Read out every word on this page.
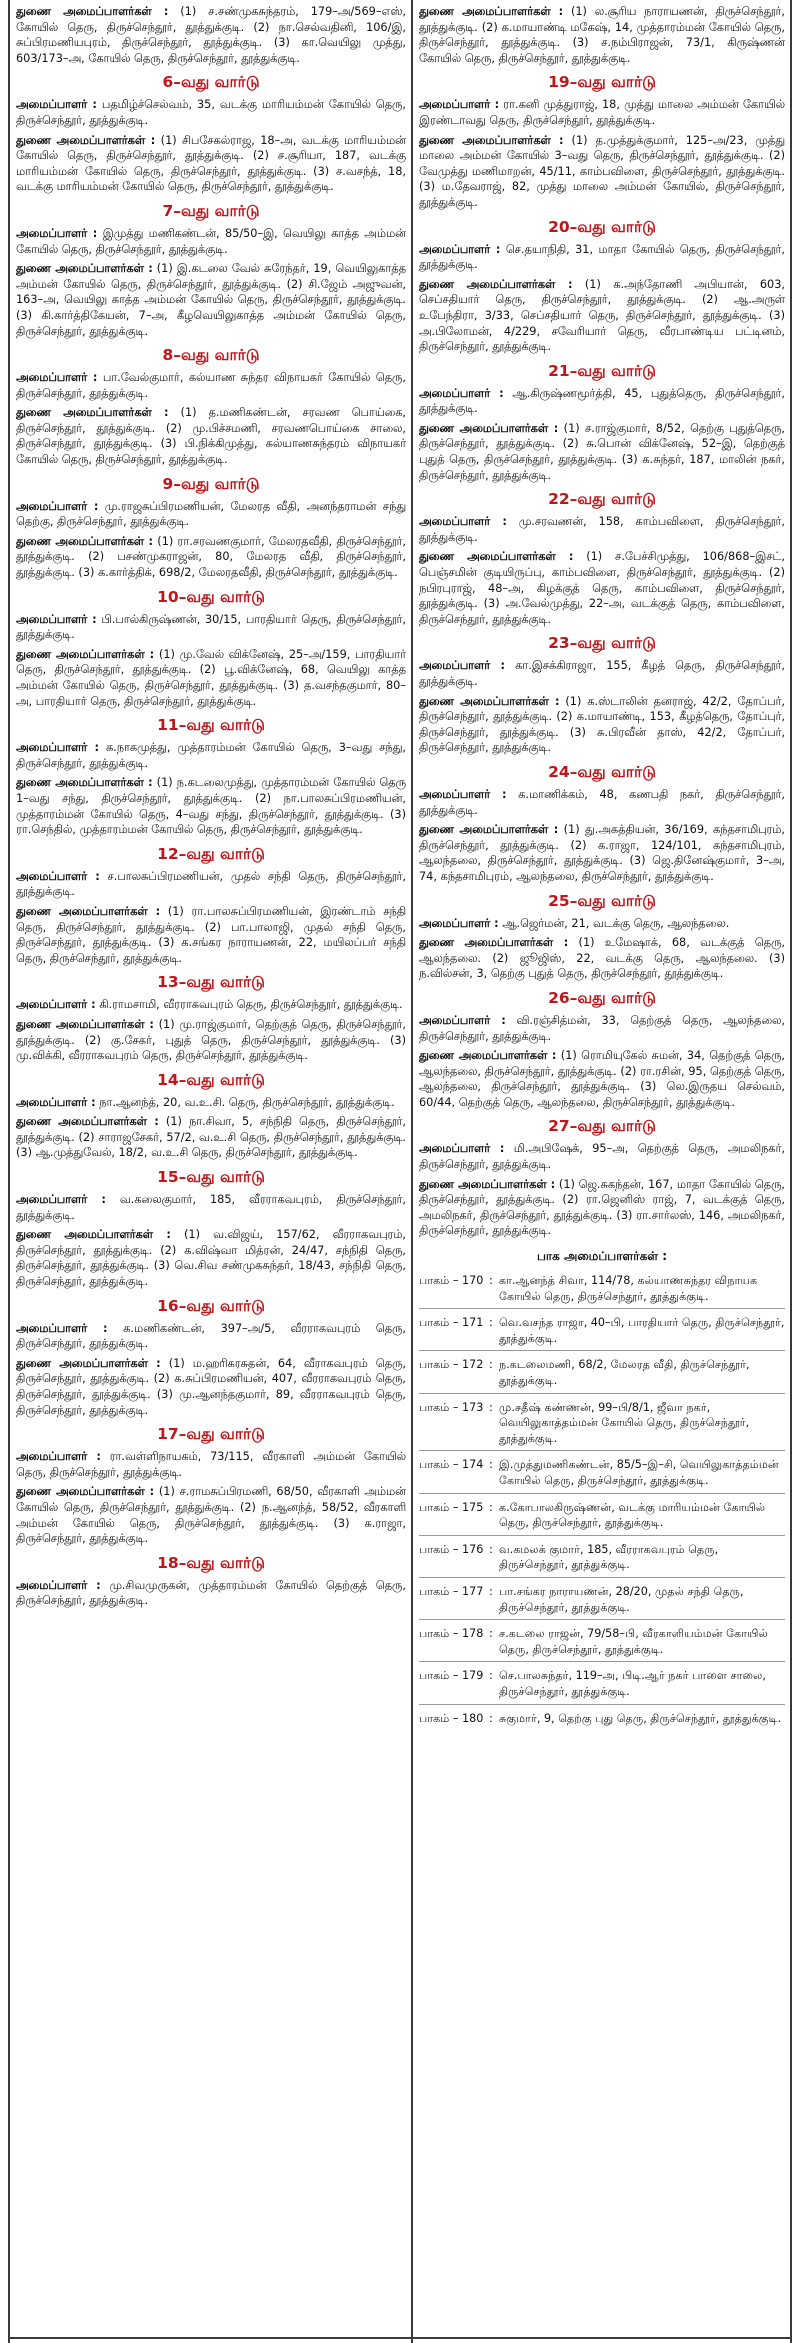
துணை அமைப்பாளர்கள் : (1) ச.சண்முகசுந்தரம், 179–அ/569–எஸ், கோயில் தெரு, திருச்செந்தூர், தூத்துக்குடி. (2) நா.செல்வதினி, 106/இ, சுப்பிரமணியபுரம், திருச்செந்தூர், தூத்துக்குடி. (3) கா.வெயிலு முத்து, 603/173–அ, கோயில் தெரு, திருச்செந்தூர், தூத்துக்குடி.
6–வது வார்டு
அமைப்பாளர் : பதமிழ்ச்செல்வம், 35, வடக்கு மாரியம்மன் கோயில் தெரு, திருச்செந்தூர், தூத்துக்குடி.
துணை அமைப்பாளர்கள் : (1) சிபசேகல்ராஜ, 18–அ, வடக்கு மாரியம்மன் கோயில் தெரு, திருச்செந்தூர், தூத்துக்குடி. (2) ச.சூரியா, 187, வடக்கு மாரியம்மன் கோயில் தெரு, திருச்செந்தூர், தூத்துக்குடி. (3) ச.வசந்த், 18, வடக்கு மாரியம்மன் கோயில் தெரு, திருச்செந்தூர், தூத்துக்குடி.
7–வது வார்டு
அமைப்பாளர் : இமுத்து மணிகண்டன், 85/50–இ, வெயிலு காத்த அம்மன் கோயில் தெரு, திருச்செந்தூர், தூத்துக்குடி.
துணை அமைப்பாளர்கள் : (1) இ.கடலை வேல் சுரேந்தர், 19, வெயிலுகாத்த அம்மன் கோயில் தெரு, திருச்செந்தூர், தூத்துக்குடி. (2) சி.ஜேம் அஜுவன், 163–அ, வெயிலு காத்த அம்மன் கோயில் தெரு, திருச்செந்தூர், தூத்துக்குடி. (3) கி.கார்த்திகேயன், 7–அ, கீழவெயிலுகாத்த அம்மன் கோயில் தெரு, திருச்செந்தூர், தூத்துக்குடி.
8–வது வார்டு
அமைப்பாளர் : பா.வேல்குமார், கல்யாண சுந்தர விநாயகர் கோயில் தெரு, திருச்செந்தூர், தூத்துக்குடி.
துணை அமைப்பாளர்கள் : (1) த.மணிகண்டன், சரவண பொய்கை, திருச்செந்தூர், தூத்துக்குடி. (2) மு.பிச்சமணி, சரவணபொய்கை சாலை, திருச்செந்தூர், தூத்துக்குடி. (3) பி.நிக்கிமுத்து, கல்யாணசுந்தரம் விநாயகர் கோயில் தெரு, திருச்செந்தூர், தூத்துக்குடி.
9–வது வார்டு
அமைப்பாளர் : மு.ராஜசுப்பிரமணியன், மேலரத வீதி, அனந்தராமன் சந்து தெற்கு, திருச்செந்தூர், தூத்துக்குடி.
துணை அமைப்பாளர்கள் : (1) ரா.சரவணகுமார், மேலரதவீதி, திருச்செந்தூர், தூத்துக்குடி. (2) பசண்முகராஜன், 80, மேலரத வீதி, திருச்செந்தூர், தூத்துக்குடி. (3) க.கார்த்திக், 698/2, மேலரதவீதி, திருச்செந்தூர், தூத்துக்குடி.
10–வது வார்டு
அமைப்பாளர் : பி.பால்கிருஷ்ணன், 30/15, பாரதியார் தெரு, திருச்செந்தூர், தூத்துக்குடி.
துணை அமைப்பாளர்கள் : (1) மு.வேல் விக்னேஷ், 25–அ/159, பாரதியார் தெரு, திருச்செந்தூர், தூத்துக்குடி. (2) பூ.விக்னேஷ், 68, வெயிலு காத்த அம்மன் கோயில் தெரு, திருச்செந்தூர், தூத்துக்குடி. (3) த.வசந்தகுமார், 80–அ, பாரதியார் தெரு, திருச்செந்தூர், தூத்துக்குடி.
11–வது வார்டு
அமைப்பாளர் : க.நாகமுத்து, முத்தாரம்மன் கோயில் தெரு, 3–வது சந்து, திருச்செந்தூர், தூத்துக்குடி.
துணை அமைப்பாளர்கள் : (1) ந.கடலைமுத்து, முத்தாரம்மன் கோயில் தெரு 1–வது சந்து, திருச்செந்தூர், தூத்துக்குடி. (2) நா.பாலசுப்பிரமணியன், முத்தாரம்மன் கோயில் தெரு, 4–வது சந்து, திருச்செந்தூர், தூத்துக்குடி. (3) ரா.செந்தில், முத்தாரம்மன் கோயில் தெரு, திருச்செந்தூர், தூத்துக்குடி.
12–வது வார்டு
அமைப்பாளர் : ச.பாலசுப்பிரமணியன், முதல் சந்தி தெரு, திருச்செந்தூர், தூத்துக்குடி.
துணை அமைப்பாளர்கள் : (1) ரா.பாலசுப்பிரமணியன், இரண்டாம் சந்தி தெரு, திருச்செந்தூர், தூத்துக்குடி. (2) பா.பாலாஜி, முதல் சந்தி தெரு, திருச்செந்தூர், தூத்துக்குடி. (3) க.சங்கர நாராயணன், 22, மயிலப்பர் சந்தி தெரு, திருச்செந்தூர், தூத்துக்குடி.
13–வது வார்டு
அமைப்பாளர் : கி.ராமசாமி, வீரராகவபுரம் தெரு, திருச்செந்தூர், தூத்துக்குடி.
துணை அமைப்பாளர்கள் : (1) மு.ராஜ்குமார், தெற்குத் தெரு, திருச்செந்தூர், தூத்துக்குடி. (2) கு.சேகர், புதுத் தெரு, திருச்செந்தூர், தூத்துக்குடி. (3) மு.விக்கி, வீரராகவபுரம் தெரு, திருச்செந்தூர், தூத்துக்குடி.
14–வது வார்டு
அமைப்பாளர் : நா.ஆனந்த், 20, வ.உ.சி. தெரு, திருச்செந்தூர், தூத்துக்குடி.
துணை அமைப்பாளர்கள் : (1) நா.சிவா, 5, சந்நிதி தெரு, திருச்செந்தூர், தூத்துக்குடி. (2) சாராஜசேகர், 57/2, வ.உ.சி தெரு, திருச்செந்தூர், தூத்துக்குடி. (3) ஆ.முத்துவேல், 18/2, வ.உ.சி தெரு, திருச்செந்தூர், தூத்துக்குடி.
15–வது வார்டு
அமைப்பாளர் : வ.கலைகுமார், 185, வீரராகவபுரம், திருச்செந்தூர், தூத்துக்குடி.
துணை அமைப்பாளர்கள் : (1) வ.விஜய், 157/62, வீரராகவபுரம், திருச்செந்தூர், தூத்துக்குடி. (2) க.விஷ்வா மித்ரன், 24/47, சந்நிதி தெரு, திருச்செந்தூர், தூத்துக்குடி. (3) வெ.சிவ சண்முகசுந்தர், 18/43, சந்நிதி தெரு, திருச்செந்தூர், தூத்துக்குடி.
16–வது வார்டு
அமைப்பாளர் : க.மணிகண்டன், 397–அ/5, வீரராகவபுரம் தெரு, திருச்செந்தூர், தூத்துக்குடி.
துணை அமைப்பாளர்கள் : (1) ம.ஹரிகரசுதன், 64, வீராகவபுரம் தெரு, திருச்செந்தூர், தூத்துக்குடி. (2) க.சுப்பிரமணியன், 407, வீரராகவபுரம் தெரு, திருச்செந்தூர், தூத்துக்குடி. (3) மு.ஆனந்தகுமார், 89, வீரராகவபுரம் தெரு, திருச்செந்தூர், தூத்துக்குடி.
17–வது வார்டு
அமைப்பாளர் : ரா.வள்ளிநாயகம், 73/115, வீரகாளி அம்மன் கோயில் தெரு, திருச்செந்தூர், தூத்துக்குடி.
துணை அமைப்பாளர்கள் : (1) ச.ராமசுப்பிரமணி, 68/50, வீரகாளி அம்மன் கோயில் தெரு, திருச்செந்தூர், தூத்துக்குடி. (2) ந.ஆனந்த், 58/52, வீரகாளி அம்மன் கோயில் தெரு, திருச்செந்தூர், தூத்துக்குடி. (3) க.ராஜா, திருச்செந்தூர், தூத்துக்குடி.
18–வது வார்டு
அமைப்பாளர் : மு.சிவமுருகன், முத்தாரம்மன் கோயில் தெற்குத் தெரு, திருச்செந்தூர், தூத்துக்குடி.
துணை அமைப்பாளர்கள் : (1) ல.சூரிய நாராயணன், திருச்செந்தூர், தூத்துக்குடி. (2) க.மாயாண்டி மகேஷ், 14, முத்தாரம்மன் கோயில் தெரு, திருச்செந்தூர், தூத்துக்குடி. (3) ச.நம்பிராஜன், 73/1, கிருஷ்ணன் கோயில் தெரு, திருச்செந்தூர், தூத்துக்குடி.
19–வது வார்டு
அமைப்பாளர் : ரா.கனி முத்துராஜ், 18, முத்து மாலை அம்மன் கோயில் இரண்டாவது தெரு, திருச்செந்தூர், தூத்துக்குடி.
துணை அமைப்பாளர்கள் : (1) த.முத்துக்குமார், 125–அ/23, முத்து மாலை அம்மன் கோயில் 3–வது தெரு, திருச்செந்தூர், தூத்துக்குடி. (2) வேமுத்து மணிமாறன், 45/11, காம்பவிளை, திருச்செந்தூர், தூத்துக்குடி. (3) ம.தேவராஜ், 82, முத்து மாலை அம்மன் கோயில், திருச்செந்தூர், தூத்துக்குடி.
20–வது வார்டு
அமைப்பாளர் : செ.தயாநிதி, 31, மாதா கோயில் தெரு, திருச்செந்தூர், தூத்துக்குடி.
துணை அமைப்பாளர்கள் : (1) க.அந்தோணி அபியான், 603, செப்சதியார் தெரு, திருச்செந்தூர், தூத்துக்குடி. (2) ஆ.அருள் உபேந்திரா, 3/33, செப்சதியார் தெரு, திருச்செந்தூர், தூத்துக்குடி. (3) அ.பிலோமன், 4/229, சவேரியார் தெரு, வீரபாண்டிய பட்டினம், திருச்செந்தூர், தூத்துக்குடி.
21–வது வார்டு
அமைப்பாளர் : ஆ.கிருஷ்ணமூர்த்தி, 45, புதுத்தெரு, திருச்செந்தூர், தூத்துக்குடி.
துணை அமைப்பாளர்கள் : (1) ச.ராஜ்குமார், 8/52, தெற்கு புதுத்தெரு, திருச்செந்தூர், தூத்துக்குடி. (2) சு.பொன் விக்னேஷ், 52–இ, தெற்குத் புதுத் தெரு, திருச்செந்தூர், தூத்துக்குடி. (3) க.சுந்தர், 187, மாலின் நகர், திருச்செந்தூர், தூத்துக்குடி.
22–வது வார்டு
அமைப்பாளர் : மு.சரவணன், 158, காம்பவிளை, திருச்செந்தூர், தூத்துக்குடி.
துணை அமைப்பாளர்கள் : (1) ச.பேச்சிமுத்து, 106/868–இசட், பெஞ்சமின் குடியிருப்பு, காம்பவிளை, திருச்செந்தூர், தூத்துக்குடி. (2) நபிரபுராஜ், 48–அ, கிழக்குத் தெரு, காம்பவிளை, திருச்செந்தூர், தூத்துக்குடி. (3) அ.வேல்முத்து, 22–அ, வடக்குத் தெரு, காம்பவிளை, திருச்செந்தூர், தூத்துக்குடி.
23–வது வார்டு
அமைப்பாளர் : கா.இசக்கிராஜா, 155, கீழத் தெரு, திருச்செந்தூர், தூத்துக்குடி.
துணை அமைப்பாளர்கள் : (1) க.ஸ்டாலின் தனராஜ், 42/2, தோப்பர், திருச்செந்தூர், தூத்துக்குடி. (2) க.மாயாண்டி, 153, கீழத்தெரு, தோப்புர், திருச்செந்தூர், தூத்துக்குடி. (3) சு.பிரவீன் தாஸ், 42/2, தோப்பர், திருச்செந்தூர், தூத்துக்குடி.
24–வது வார்டு
அமைப்பாளர் : க.மாணிக்கம், 48, கணபதி நகர், திருச்செந்தூர், தூத்துக்குடி.
துணை அமைப்பாளர்கள் : (1) து.அகத்தியன், 36/169, கந்தசாமிபுரம், திருச்செந்தூர், தூத்துக்குடி. (2) க.ராஜா, 124/101, கந்தசாமிபுரம், ஆலந்தலை, திருச்செந்தூர், தூத்துக்குடி. (3) ஜெ.தினேஷ்குமார், 3–அ, 74, கந்தசாமிபுரம், ஆலந்தலை, திருச்செந்தூர், தூத்துக்குடி.
25–வது வார்டு
அமைப்பாளர் : ஆ.ஜெர்மன், 21, வடக்கு தெரு, ஆலந்தலை.
துணை அமைப்பாளர்கள் : (1) உமேஷாக், 68, வடக்குத் தெரு, ஆலந்தலை. (2) ஜூஜிஸ், 22, வடக்கு தெரு, ஆலந்தலை. (3) ந.வில்சன், 3, தெற்கு புதுத் தெரு, திருச்செந்தூர், தூத்துக்குடி.
26–வது வார்டு
அமைப்பாளர் : வி.ரஞ்சித்மன், 33, தெற்குத் தெரு, ஆலந்தலை, திருச்செந்தூர், தூத்துக்குடி.
துணை அமைப்பாளர்கள் : (1) ரொமியுகேல் சுமன், 34, தெற்குத் தெரு, ஆலந்தலை, திருச்செந்தூர், தூத்துக்குடி. (2) ரா.ரசின், 95, தெற்குத் தெரு, ஆலந்தலை, திருச்செந்தூர், தூத்துக்குடி. (3) லெ.இருதய செல்வம், 60/44, தெற்குத் தெரு, ஆலந்தலை, திருச்செந்தூர், தூத்துக்குடி.
27–வது வார்டு
அமைப்பாளர் : மி.அபிஷேக், 95–அ, தெற்குத் தெரு, அமலிநகர், திருச்செந்தூர், தூத்துக்குடி.
துணை அமைப்பாளர்கள் : (1) ஜெ.சுகந்தன், 167, மாதா கோயில் தெரு, திருச்செந்தூர், தூத்துக்குடி. (2) ரா.ஜெனிஸ் ராஜ், 7, வடக்குத் தெரு, அமலிநகர், திருச்செந்தூர், தூத்துக்குடி. (3) ரா.சார்லஸ், 146, அமலிநகர், திருச்செந்தூர், தூத்துக்குடி.
பாக அமைப்பாளர்கள் :
பாகம் – 170 : கா.ஆனந்த் சிவா, 114/78, கல்யாணசுந்தர விநாயக கோயில் தெரு, திருச்செந்தூர், தூத்துக்குடி.
பாகம் – 171 : வெ.வசந்த ராஜா, 40–பி, பாரதியார் தெரு, திருச்செந்தூர், தூத்துக்குடி.
பாகம் – 172 : ந.கடலைமணி, 68/2, மேலரத வீதி, திருச்செந்தூர், தூத்துக்குடி.
பாகம் – 173 : மு.சதீஷ் கண்ணன், 99–பி/8/1, ஜீவா நகர், வெயிலுகாத்தம்மன் கோயில் தெரு, திருச்செந்தூர், தூத்துக்குடி.
பாகம் – 174 : இ.முத்துமணிகண்டன், 85/5–இ–சி, வெயிலுகாத்தம்மன் கோயில் தெரு, திருச்செந்தூர், தூத்துக்குடி.
பாகம் – 175 : க.கோபாலகிருஷ்ணன், வடக்கு மாரியம்மன் கோயில் தெரு, திருச்செந்தூர், தூத்துக்குடி.
பாகம் – 176 : வ.கமலக் குமார், 185, வீரராகவபுரம் தெரு, திருச்செந்தூர், தூத்துக்குடி.
பாகம் – 177 : பா.சங்கர நாராயணன், 28/20, முதல் சந்தி தெரு, திருச்செந்தூர், தூத்துக்குடி.
பாகம் – 178 : ச.கடலை ராஜன், 79/58–பி, வீரகாளியம்மன் கோயில் தெரு, திருச்செந்தூர், தூத்துக்குடி.
பாகம் – 179 : செ.பாலசுந்தர், 119–அ, பிடி.ஆர் நகர் பாளை சாலை, திருச்செந்தூர், தூத்துக்குடி.
பாகம் – 180 : சுகுமார், 9, தெற்கு புது தெரு, திருச்செந்தூர், தூத்துக்குடி.
